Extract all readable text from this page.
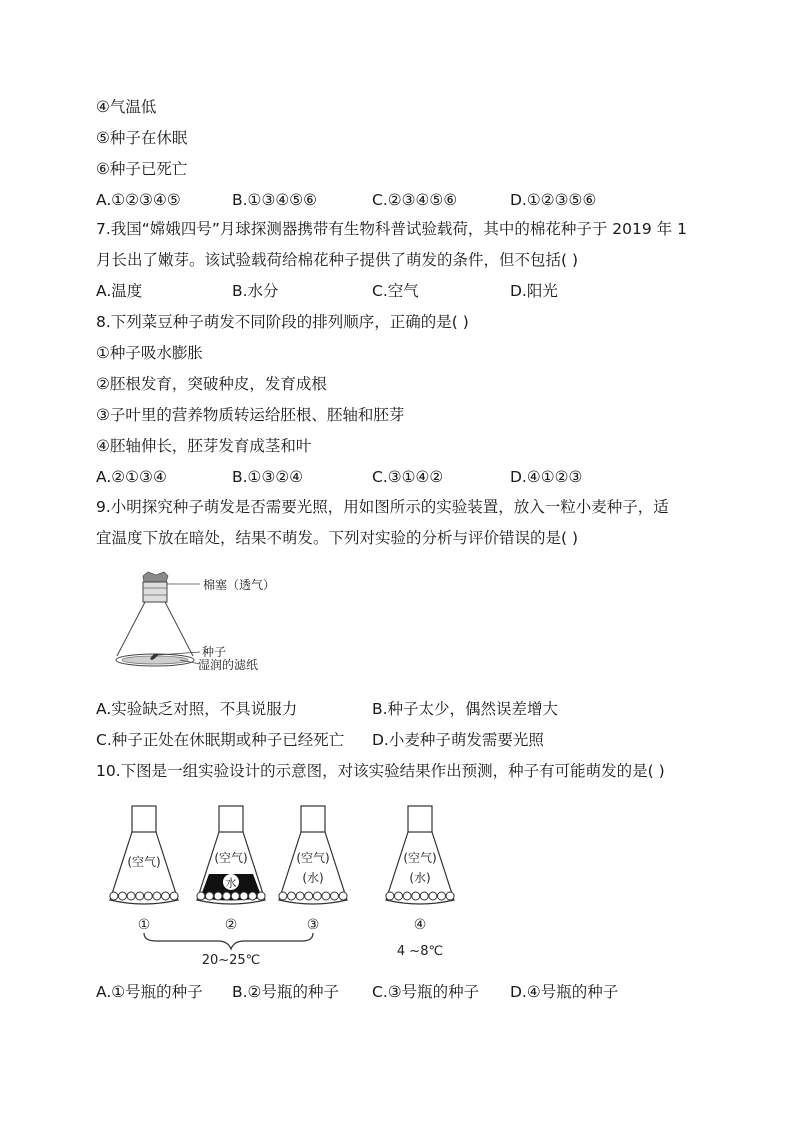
④气温低
⑤种子在休眠
⑥种子已死亡
A.①②③④⑤	B.①③④⑤⑥	C.②③④⑤⑥	D.①②③⑤⑥
7.我国“嫦娥四号”月球探测器携带有生物科普试验载荷，其中的棉花种子于 2019 年 1
月长出了嫩芽。该试验载荷给棉花种子提供了萌发的条件，但不包括( )
A.温度	B.水分	C.空气	D.阳光
8.下列菜豆种子萌发不同阶段的排列顺序，正确的是( )
①种子吸水膨胀
②胚根发育，突破种皮，发育成根
③子叶里的营养物质转运给胚根、胚轴和胚芽
④胚轴伸长，胚芽发育成茎和叶
A.②①③④	B.①③②④	C.③①④②	D.④①②③
9.小明探究种子萌发是否需要光照，用如图所示的实验装置，放入一粒小麦种子，适
宜温度下放在暗处，结果不萌发。下列对实验的分析与评价错误的是( )
棉塞（透气）
种子
湿润的滤纸
A.实验缺乏对照，不具说服力	B.种子太少，偶然误差增大
C.种子正处在休眠期或种子已经死亡 D.小麦种子萌发需要光照
10.下图是一组实验设计的示意图，对该实验结果作出预测，种子有可能萌发的是( )
(空气)	(空气)
水
(空气)
(水)
(空气)
(水)
①	②	③	④
20~25℃
4 ~8℃
A.①号瓶的种子 B.②号瓶的种子 C.③号瓶的种子 D.④号瓶的种子
